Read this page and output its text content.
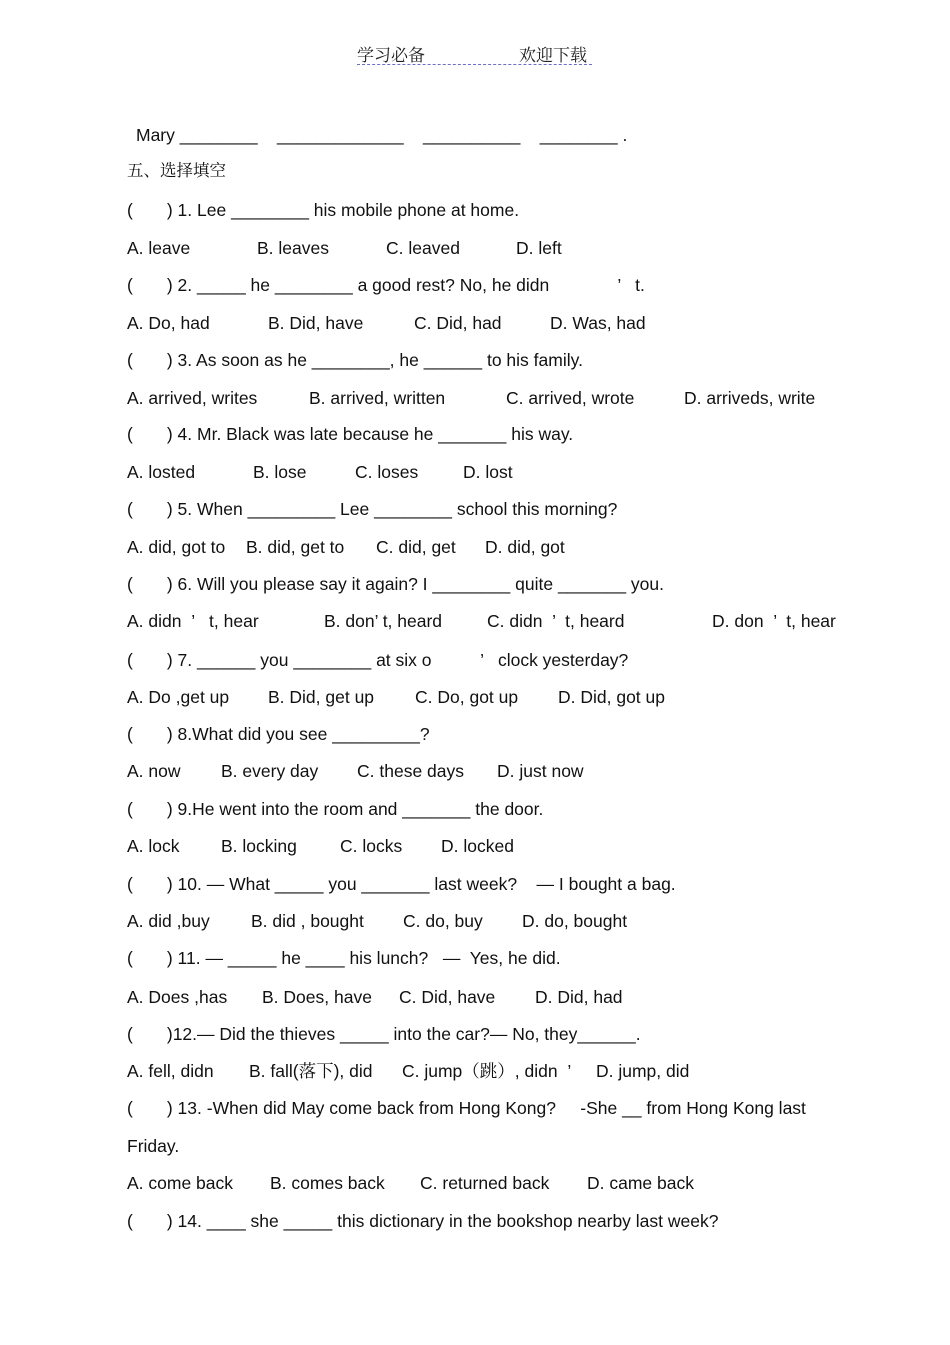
学习必备	欢迎下载
Mary ________    _____________    __________    ________ .
五、选择填空
(       ) 1. Lee ________ his mobile phone at home.
A. leave	B. leaves	C. leaved	D. left
(       ) 2. _____ he ________ a good rest? No, he didn              ’   t.
A. Do, had	B. Did, have	C. Did, had	D. Was, had
(       ) 3. As soon as he ________, he ______ to his family.
A. arrived, writes	B. arrived, written	C. arrived, wrote	D. arriveds, write
(       ) 4. Mr. Black was late because he _______ his way.
A. losted	B. lose	C. loses	D. lost
(       ) 5. When _________ Lee ________ school this morning?
A. did, got to B. did, get to C. did, get D. did, got
(       ) 6. Will you please say it again? I ________ quite _______ you.
A. didn  ’   t, hear	B. don’ t, heard	C. didn  ’  t, heard	D. don  ’  t, hear
(       ) 7. ______ you ________ at six o          ’   clock yesterday?
A. Do ,get up B. Did, get up C. Do, got up D. Did, got up
(       ) 8.What did you see _________?
A. now B. every day C. these days D. just now
(       ) 9.He went into the room and _______ the door.
A. lock B. locking C. locks D. locked
(       ) 10. — What _____ you _______ last week?    — I bought a bag.
A. did ,buy B. did , bought C. do, buy D. do, bought
(       ) 11. — _____ he ____ his lunch?   —  Yes, he did.
A. Does ,has B. Does, have C. Did, have D. Did, had
(       )12.— Did the thieves _____ into the car?— No, they______.
A. fell, didn B. fall(落下), did C. jump（跳）, didn  ’ D. jump, did
(       ) 13. -When did May come back from Hong Kong?     -She __ from Hong Kong last
Friday.
A. come back B. comes back C. returned back D. came back
(       ) 14. ____ she _____ this dictionary in the bookshop nearby last week?
